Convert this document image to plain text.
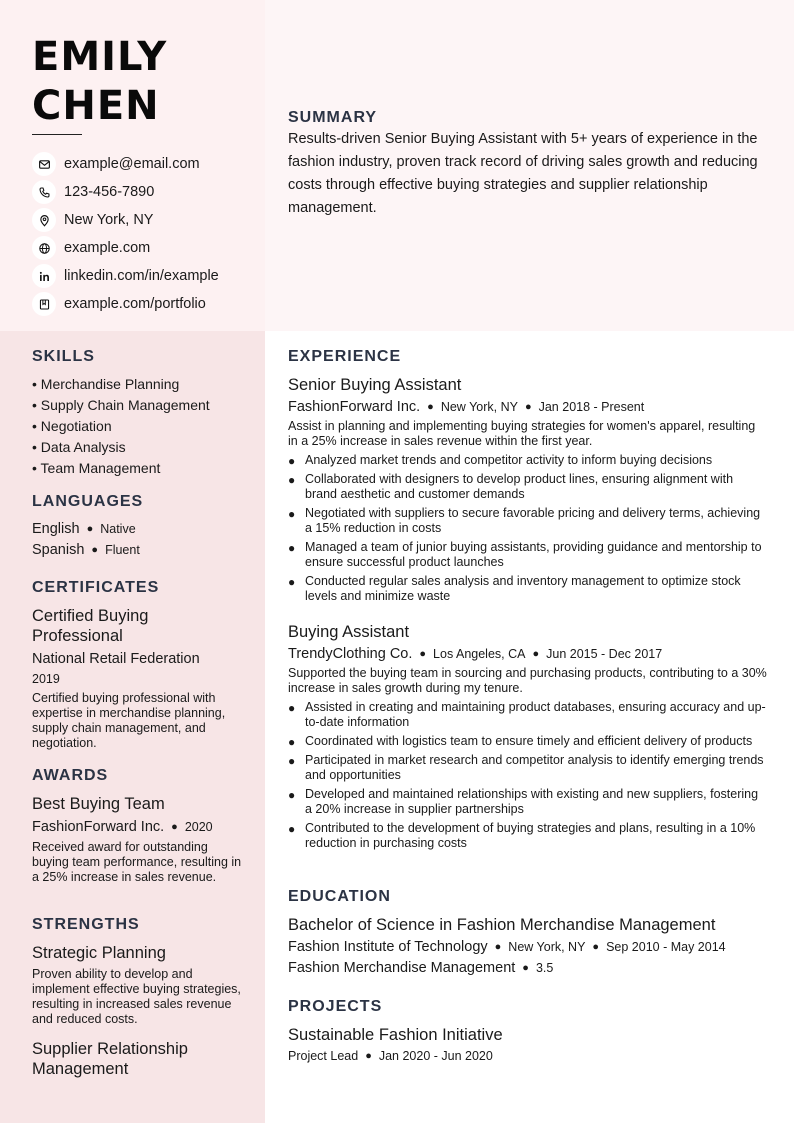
EMILY
CHEN
example@email.com
123-456-7890
New York, NY
example.com
linkedin.com/in/example
example.com/portfolio
SUMMARY
Results-driven Senior Buying Assistant with 5+ years of experience in the fashion industry, proven track record of driving sales growth and reducing costs through effective buying strategies and supplier relationship management.
SKILLS
• Merchandise Planning
• Supply Chain Management
• Negotiation
• Data Analysis
• Team Management
LANGUAGES
English ● Native
Spanish ● Fluent
CERTIFICATES
Certified Buying Professional
National Retail Federation
2019
Certified buying professional with expertise in merchandise planning, supply chain management, and negotiation.
AWARDS
Best Buying Team
FashionForward Inc. ● 2020
Received award for outstanding buying team performance, resulting in a 25% increase in sales revenue.
STRENGTHS
Strategic Planning
Proven ability to develop and implement effective buying strategies, resulting in increased sales revenue and reduced costs.
Supplier Relationship Management
EXPERIENCE
Senior Buying Assistant
FashionForward Inc. ● New York, NY ● Jan 2018 - Present
Assist in planning and implementing buying strategies for women's apparel, resulting in a 25% increase in sales revenue within the first year.
● Analyzed market trends and competitor activity to inform buying decisions
● Collaborated with designers to develop product lines, ensuring alignment with brand aesthetic and customer demands
● Negotiated with suppliers to secure favorable pricing and delivery terms, achieving a 15% reduction in costs
● Managed a team of junior buying assistants, providing guidance and mentorship to ensure successful product launches
● Conducted regular sales analysis and inventory management to optimize stock levels and minimize waste
Buying Assistant
TrendyClothing Co. ● Los Angeles, CA ● Jun 2015 - Dec 2017
Supported the buying team in sourcing and purchasing products, contributing to a 30% increase in sales growth during my tenure.
● Assisted in creating and maintaining product databases, ensuring accuracy and up-to-date information
● Coordinated with logistics team to ensure timely and efficient delivery of products
● Participated in market research and competitor analysis to identify emerging trends and opportunities
● Developed and maintained relationships with existing and new suppliers, fostering a 20% increase in supplier partnerships
● Contributed to the development of buying strategies and plans, resulting in a 10% reduction in purchasing costs
EDUCATION
Bachelor of Science in Fashion Merchandise Management
Fashion Institute of Technology ● New York, NY ● Sep 2010 - May 2014
Fashion Merchandise Management ● 3.5
PROJECTS
Sustainable Fashion Initiative
Project Lead ● Jan 2020 - Jun 2020
